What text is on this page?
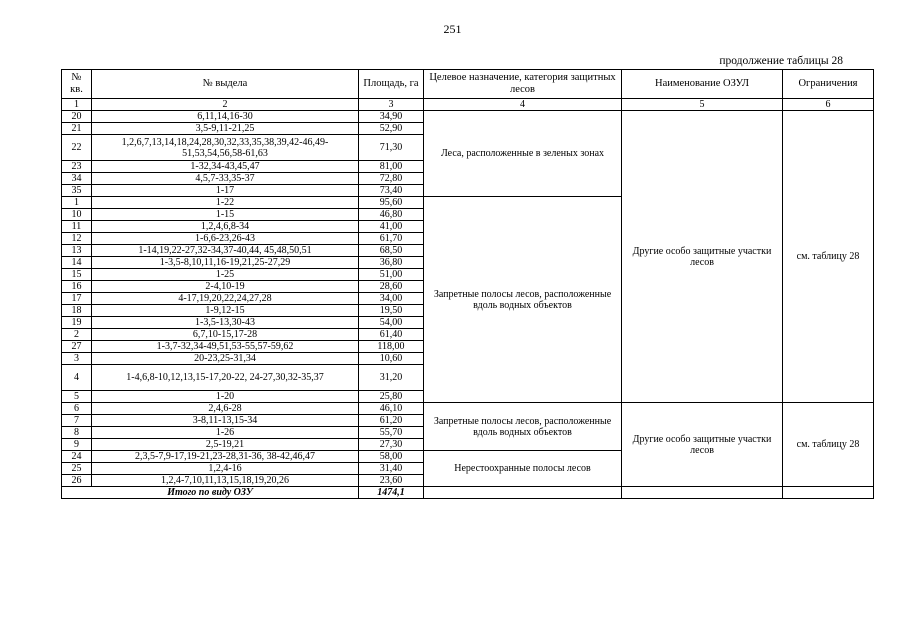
251
продолжение таблицы 28
№ кв.	№ выдела	Площадь, га	Целевое назначение, категория защитных лесов	Наименование ОЗУЛ	Ограничения
1	2	3	4	5	6
20	6,11,14,16-30	34,90	Леса, расположенные в зеленых зонах	Другие особо защитные участки лесов	см. таблицу 28
21	3,5-9,11-21,25	52,90			
22	1,2,6,7,13,14,18,24,28,30,32,33,35,38,39,42-46,49-51,53,54,56,58-61,63	71,30			
23	1-32,34-43,45,47	81,00			
34	4,5,7-33,35-37	72,80			
35	1-17	73,40			
1	1-22	95,60	Запретные полосы лесов, расположенные вдоль водных объектов		
10	1-15	46,80			
11	1,2,4,6,8-34	41,00			
12	1-6,6-23,26-43	61,70			
13	1-14,19,22-27,32-34,37-40,44, 45,48,50,51	68,50			
14	1-3,5-8,10,11,16-19,21,25-27,29	36,80			
15	1-25	51,00			
16	2-4,10-19	28,60			
17	4-17,19,20,22,24,27,28	34,00			
18	1-9,12-15	19,50			
19	1-3,5-13,30-43	54,00			
2	6,7,10-15,17-28	61,40			
27	1-3,7-32,34-49,51,53-55,57-59,62	118,00			
3	20-23,25-31,34	10,60			
4	1-4,6,8-10,12,13,15-17,20-22, 24-27,30,32-35,37	31,20			
5	1-20	25,80			
6	2,4,6-28	46,10	Запретные полосы лесов, расположенные вдоль водных объектов	Другие особо защитные участки лесов	см. таблицу 28
7	3-8,11-13,15-34	61,20			
8	1-26	55,70			
9	2,5-19,21	27,30			
24	2,3,5-7,9-17,19-21,23-28,31-36, 38-42,46,47	58,00	Нерестоохранные полосы лесов		
25	1,2,4-16	31,40			
26	1,2,4-7,10,11,13,15,18,19,20,26	23,60			
Итого по виду ОЗУ		1474,1			
